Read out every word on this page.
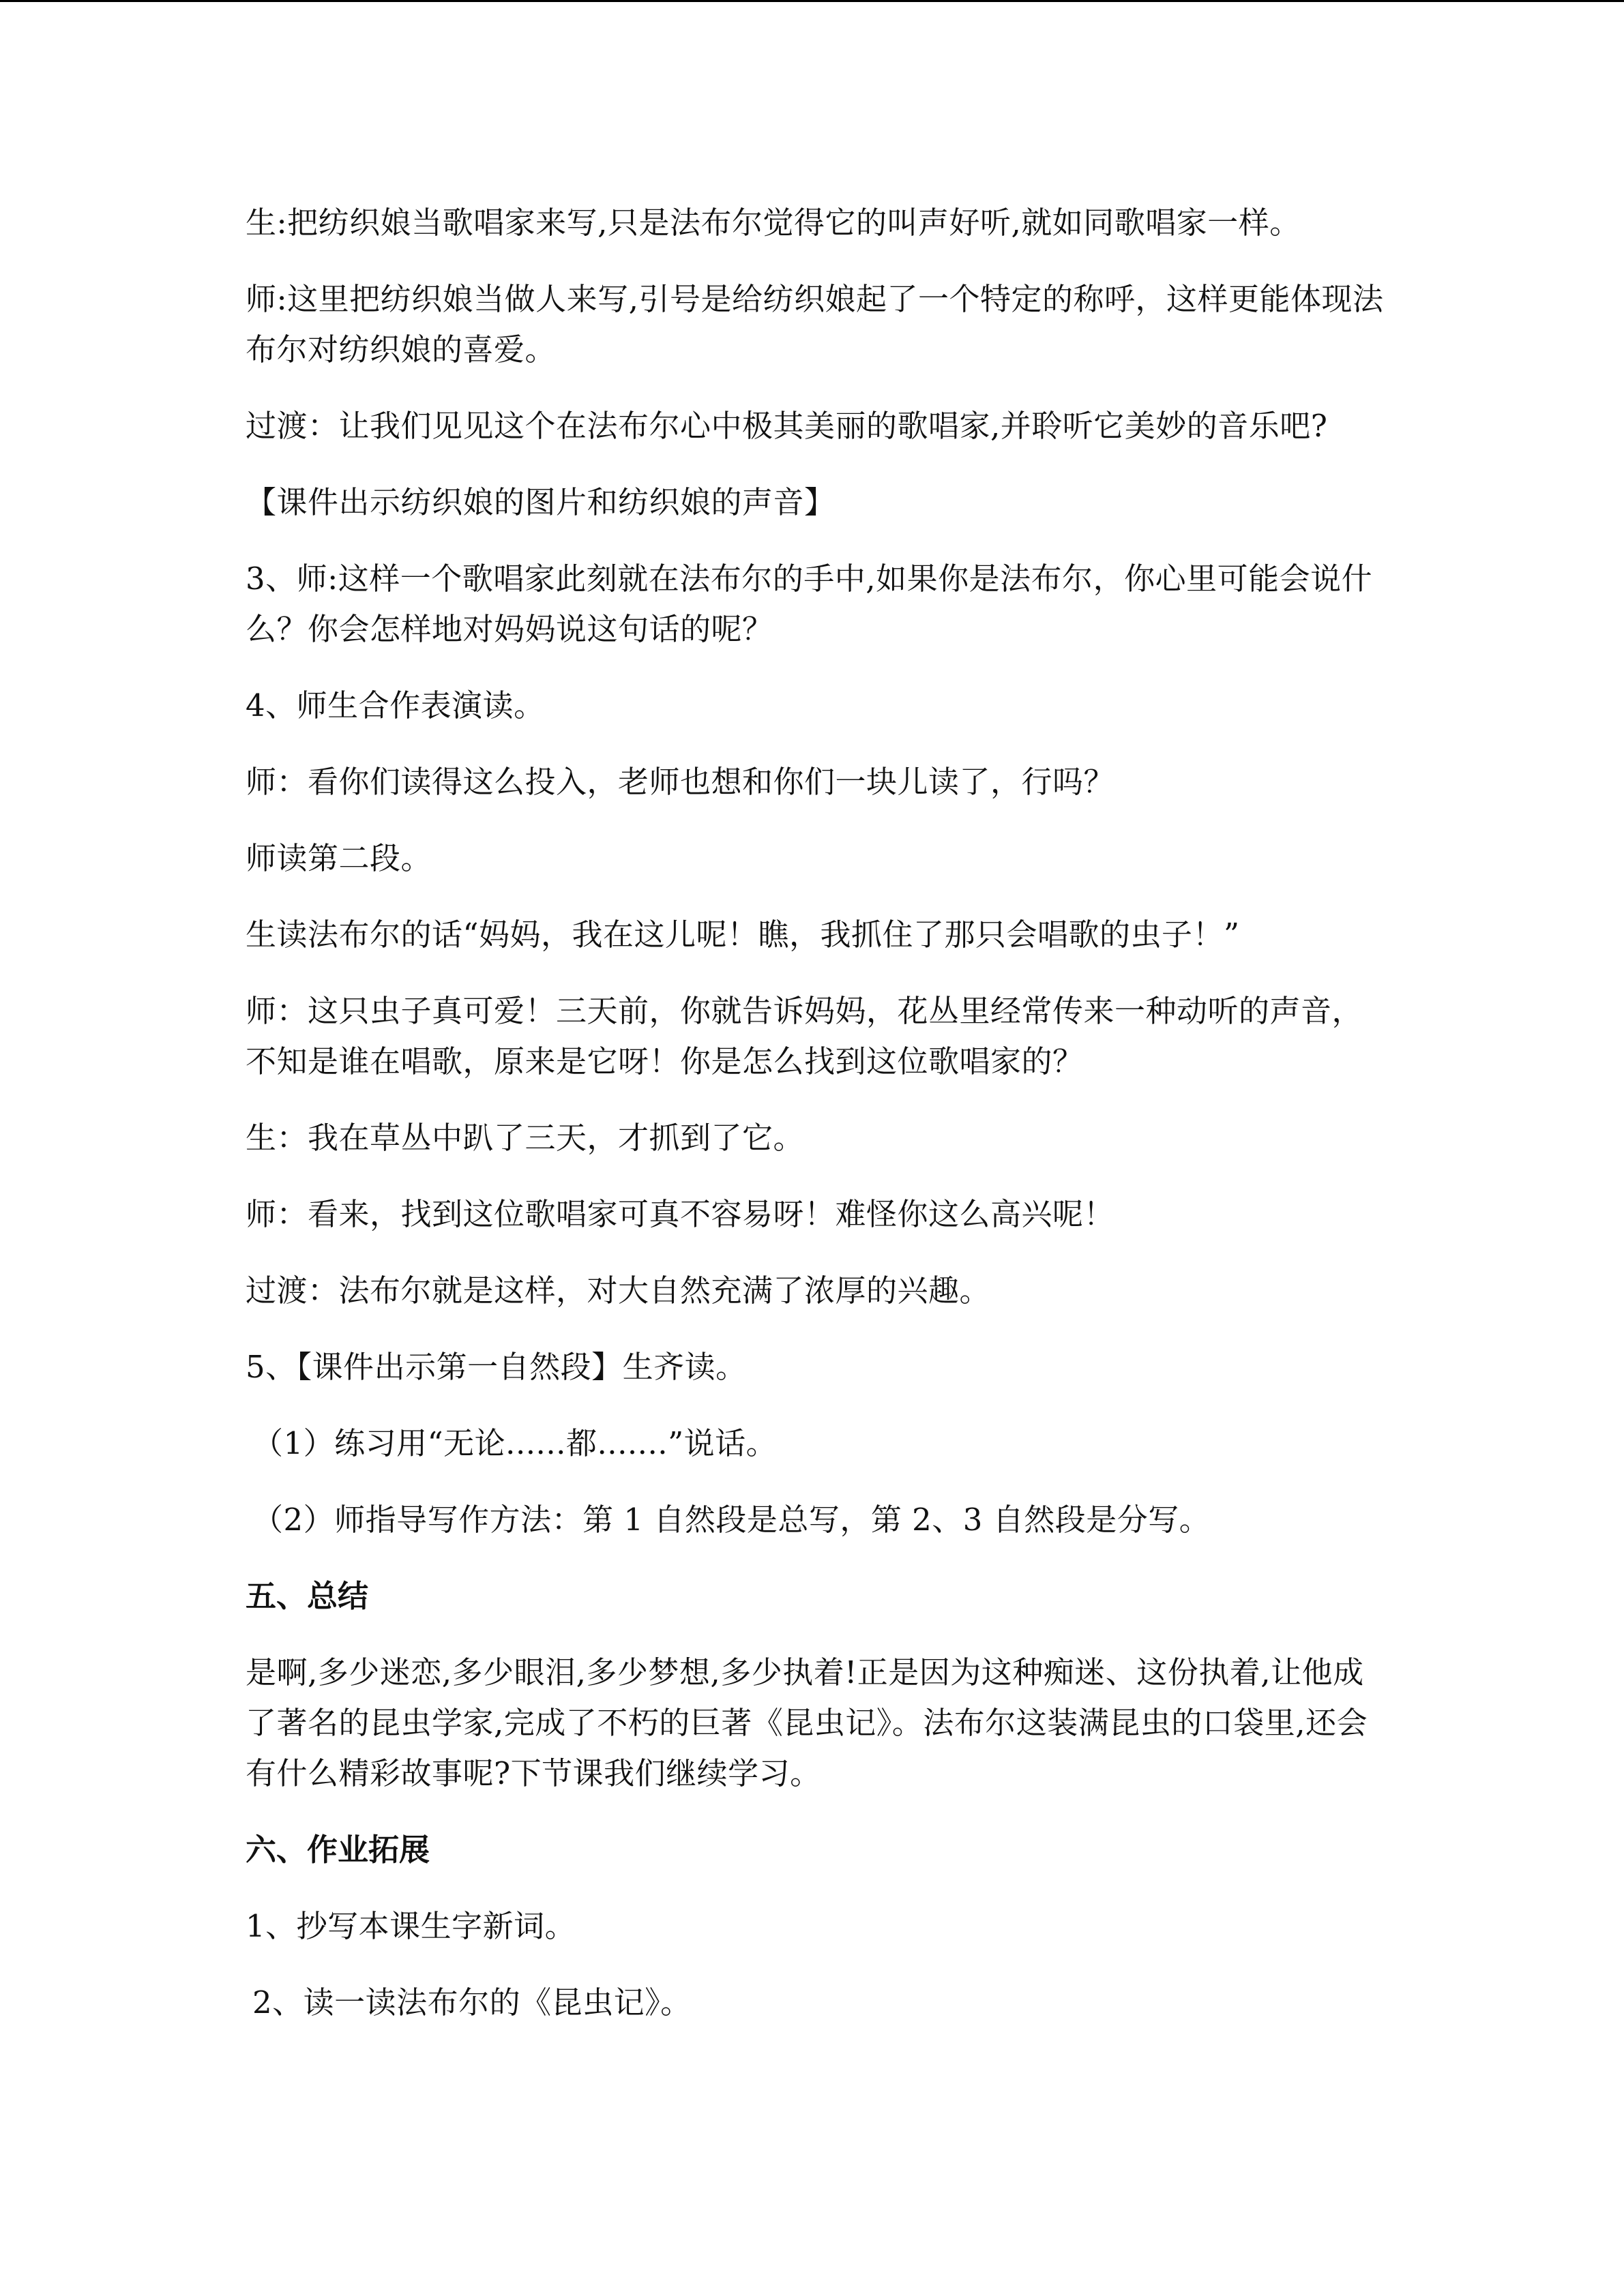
生:把纺织娘当歌唱家来写,只是法布尔觉得它的叫声好听,就如同歌唱家一样。

师:这里把纺织娘当做人来写,引号是给纺织娘起了一个特定的称呼，这样更能体现法布尔对纺织娘的喜爱。

过渡：让我们见见这个在法布尔心中极其美丽的歌唱家,并聆听它美妙的音乐吧?

【课件出示纺织娘的图片和纺织娘的声音】

3、师:这样一个歌唱家此刻就在法布尔的手中,如果你是法布尔，你心里可能会说什么？你会怎样地对妈妈说这句话的呢？

4、师生合作表演读。

师：看你们读得这么投入，老师也想和你们一块儿读了，行吗？

师读第二段。

生读法布尔的话“妈妈，我在这儿呢！瞧，我抓住了那只会唱歌的虫子！”

师：这只虫子真可爱！三天前，你就告诉妈妈，花丛里经常传来一种动听的声音，不知是谁在唱歌，原来是它呀！你是怎么找到这位歌唱家的？

生：我在草丛中趴了三天，才抓到了它。

师：看来，找到这位歌唱家可真不容易呀！难怪你这么高兴呢！

过渡：法布尔就是这样，对大自然充满了浓厚的兴趣。

5、【课件出示第一自然段】生齐读。

（1）练习用“无论......都.......”说话。

（2）师指导写作方法：第 1 自然段是总写，第 2、3 自然段是分写。

五、总结

是啊,多少迷恋,多少眼泪,多少梦想,多少执着!正是因为这种痴迷、这份执着,让他成了著名的昆虫学家,完成了不朽的巨著《昆虫记》。法布尔这装满昆虫的口袋里,还会有什么精彩故事呢?下节课我们继续学习。

六、作业拓展

1、抄写本课生字新词。

2、读一读法布尔的《昆虫记》。
